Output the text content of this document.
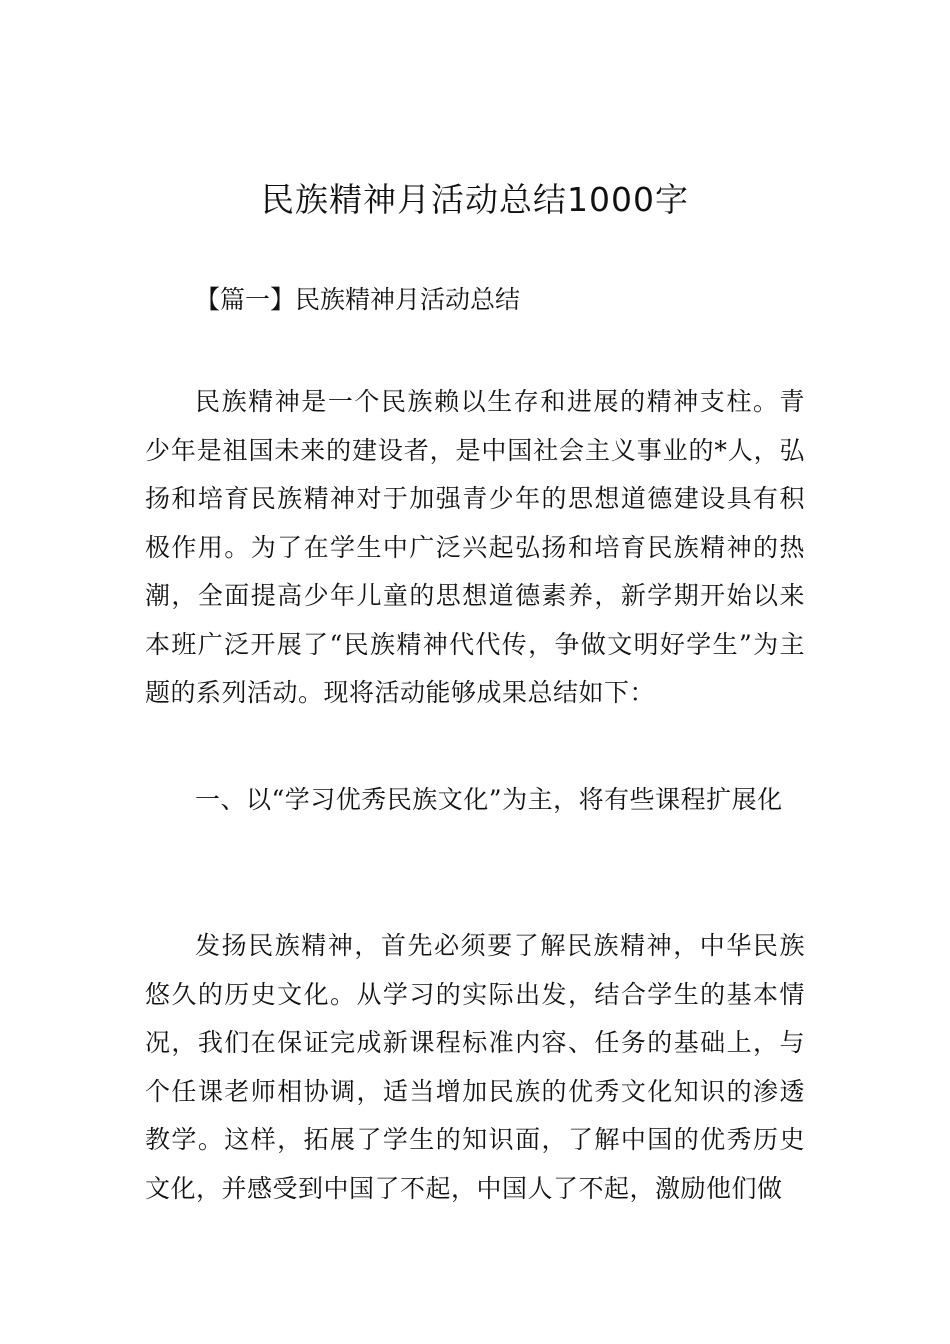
民族精神月活动总结1000字

【篇一】民族精神月活动总结

民族精神是一个民族赖以生存和进展的精神支柱。青少年是祖国未来的建设者，是中国社会主义事业的*人，弘扬和培育民族精神对于加强青少年的思想道德建设具有积极作用。为了在学生中广泛兴起弘扬和培育民族精神的热潮，全面提高少年儿童的思想道德素养，新学期开始以来本班广泛开展了“民族精神代代传，争做文明好学生”为主题的系列活动。现将活动能够成果总结如下：

一、以“学习优秀民族文化”为主，将有些课程扩展化

发扬民族精神，首先必须要了解民族精神，中华民族悠久的历史文化。从学习的实际出发，结合学生的基本情况，我们在保证完成新课程标准内容、任务的基础上，与个任课老师相协调，适当增加民族的优秀文化知识的渗透教学。这样，拓展了学生的知识面，了解中国的优秀历史文化，并感受到中国了不起，中国人了不起，激励他们做
